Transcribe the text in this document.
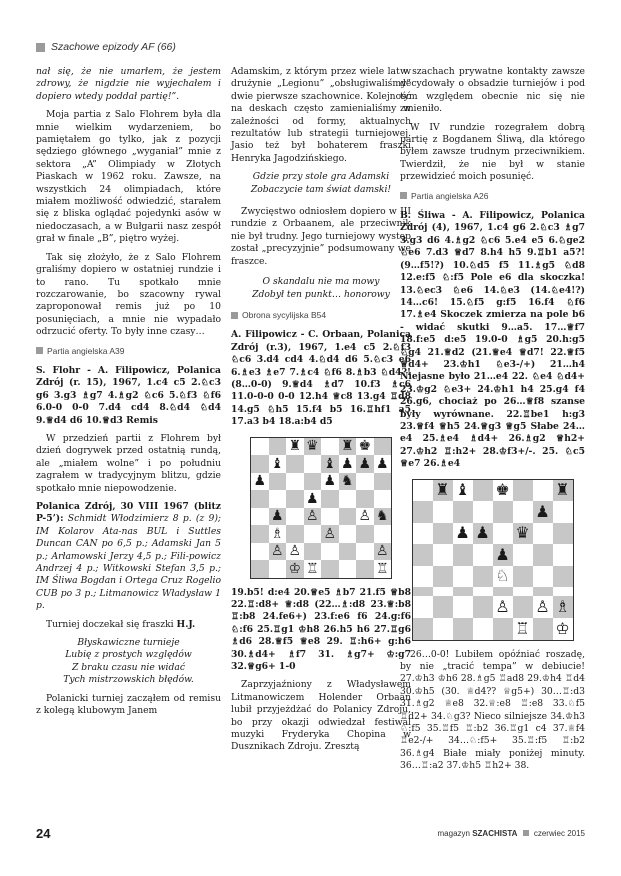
Szachowe epizody AF (66)

nał się, że nie umarłem, że jestem zdrowy, że nigdzie nie wyjechałem i dopiero wtedy poddał partię!”.

Moja partia z Salo Flohrem była dla mnie wielkim wydarzeniem, bo pamiętałem go tylko, jak z pozycji sędziego głównego „wyganiał” mnie z sektora „A” Olimpiady w Złotych Piaskach w 1962 roku. Zawsze, na wszystkich 24 olimpiadach, które miałem możliwość odwiedzić, starałem się z bliska oglądać pojedynki asów w niedoczasach, a w Bułgarii nasz zespół grał w finale „B”, piętro wyżej.

Tak się złożyło, że z Salo Flohrem graliśmy dopiero w ostatniej rundzie i to rano. Tu spotkało mnie rozczarowanie, bo szacowny rywal zaproponował remis już po 10 posunięciach, a mnie nie wypadało odrzucić oferty. To były inne czasy…

Partia angielska A39

S. Flohr - A. Filipowicz, Polanica Zdrój (r. 15), 1967, 1.c4 c5 2.♘c3 g6 3.g3 ♗g7 4.♗g2 ♘c6 5.♘f3 ♘f6 6.0-0 0-0 7.d4 cd4 8.♘d4 ♘d4 9.♕d4 d6 10.♕d3 Remis

W przedzień partii z Flohrem był dzień dogrywek przed ostatnią rundą, ale „miałem wolne” i po południu zagrałem w tradycyjnym blitzu, gdzie spotkało mnie niepowodzenie.

Polanica Zdrój, 30 VIII 1967 (blitz P-5’): Schmidt Włodzimierz 8 p. (z 9); IM Kolarov Ata-nas BUL i Suttles Duncan CAN po 6,5 p.; Adamski Jan 5 p.; Arłamowski Jerzy 4,5 p.; Fili-powicz Andrzej 4 p.; Witkowski Stefan 3,5 p.; IM Śliwa Bogdan i Ortega Cruz Rogelio CUB po 3 p.; Litmanowicz Władysław 1 p.

Turniej doczekał się fraszki H.J.

Błyskawiczne turnieje
Lubię z prostych względów
Z braku czasu nie widać
Tych mistrzowskich błędów.

Polanicki turniej zacząłem od remisu z kolegą klubowym Janem

Adamskim, z którym przez wiele lat w drużynie „Legionu” „obsługiwaliśmy” dwie pierwsze szachownice. Kolejność na deskach często zamienialiśmy w zależności od formy, aktualnych rezultatów lub strategii turniejowej. Jasio też był bohaterem fraszki Henryka Jagodzińskiego.

Gdzie przy stole gra Adamski
Zobaczycie tam świat damski!

Zwycięstwo odniosłem dopiero w III rundzie z Orbaanem, ale przeciwnik nie był trudny. Jego turniejowy występ został „precyzyjnie” podsumowany we fraszce.

O skandalu nie ma mowy
Zdobył ten punkt… honorowy
Obrona sycylijska B54

A. Filipowicz - C. Orbaan, Polanica Zdrój (r.3), 1967, 1.e4 c5 2.♘f3 ♘c6 3.d4 cd4 4.♘d4 d6 5.♘c3 e6 6.♗e3 ♗e7 7.♗c4 ♘f6 8.♗b3 ♘d4?! (8…0-0) 9.♕d4 ♗d7 10.f3 ♗c6 11.0-0-0 0-0 12.h4 ♕c8 13.g4 ♖d8 14.g5 ♘h5 15.f4 b5 16.♖hf1 a5 17.a3 b4 18.a:b4 d5

♜ ♛ ♜ ♚
♝	♝ ♟ ♟ ♟
♟	♟ ♞
♟
♟ ♙	♙ ♞
♗	♙
♙ ♙	♙
♔ ♖	♖

19.b5! d:e4 20.♕e5 ♗b7 21.f5 ♕b8 22.♖:d8+ ♕:d8 (22…♗:d8 23.♕:b8 ♖:b8 24.fe6+) 23.f:e6 f6 24.g:f6 ♘:f6 25.♖g1 ♔h8 26.h5 h6 27.♖g6 ♗d6 28.♕f5 ♕e8 29. ♖:h6+ g:h6 30.♗d4+ ♗f7 31. ♗g7+ ♔:g7 32.♕g6+ 1-0

Zaprzyjaźniony z Władysławem Litmanowiczem Holender Orbaan lubił przyjeżdżać do Polanicy Zdroju, bo przy okazji odwiedzał festiwal muzyki Fryderyka Chopina w Dusznikach Zdroju. Zresztą

w szachach prywatne kontakty zawsze decydowały o obsadzie turniejów i pod tym względem obecnie nic się nie zmieniło.

W IV rundzie rozegrałem dobrą partię z Bogdanem Śliwą, dla którego byłem zawsze trudnym przeciwnikiem. Twierdził, że nie był w stanie przewidzieć moich posunięć.

Partia angielska A26

B. Śliwa - A. Filipowicz, Polanica Zdrój (4), 1967, 1.c4 g6 2.♘c3 ♗g7 3.g3 d6 4.♗g2 ♘c6 5.e4 e5 6.♘ge2 ♘e6 7.d3 ♕d7 8.h4 h5 9.♖b1 a5?! (9…f5!?) 10.♘d5 f5 11.♗g5 ♘d8 12.e:f5 ♘:f5 Pole e6 dla skoczka! 13.♘ec3 ♘e6 14.♘e3 (14.♘e4!?) 14…c6! 15.♘f5 g:f5 16.f4 ♘f6 17.♗e4 Skoczek zmierza na pole b6 - widać skutki 9…a5. 17…♕f7 18.f:e5 d:e5 19.0-0 ♗g5 20.h:g5 ♘g4 21.♕d2 (21.♕e4 ♕d7! 22.♕f5 ♕d4+ 23.♔h1 ♘e3-/+) 21…h4 Niejasne było 21…e4 22. ♘e4 ♘d4+ 23.♔g2 ♘e3+ 24.♔h1 h4 25.g4 f4 26.g6, chociaż po 26…♕f8 szanse były wyrównane. 22.♖be1 h:g3 23.♕f4 ♕h5 24.♕g3 ♕g5 Słabe 24…e4 25.♗e4 ♗d4+ 26.♗g2 ♕h2+ 27.♔h2 ♖:h2+ 28.♔f3+/-. 25. ♘c5 ♕e7 26.♗e4

♜ ♝ ♚	♜
♟
♟ ♟ ♛
♟
♘
♙ ♙ ♗
♖ ♔

26…0-0! Lubiłem opóźniać roszadę, by nie „tracić tempa” w debiucie! 27.♔h3 ♔h6 28.♗g5 ♖ad8 29.♔h4 ♖d4 30.♔h5 (30. ♕d4?? ♕g5+) 30…♖:d3 31.♗g2 ♕e8 32.♕:e8 ♖:e8 33.♘f5 ♖d2+ 34.♘g3? Nieco silniejsze 34.♔h3 ♘:f5 35.♖f5 ♖:b2 36.♖g1 c4 37.♕f4 ♖e2-/+ 34…♘:f5+ 35.♖:f5 ♖:b2 36.♗g4 Białe miały poniżej minuty. 36…♖:a2 37.♔h5 ♖h2+ 38.

24	magazyn SZACHISTA czerwiec 2015
